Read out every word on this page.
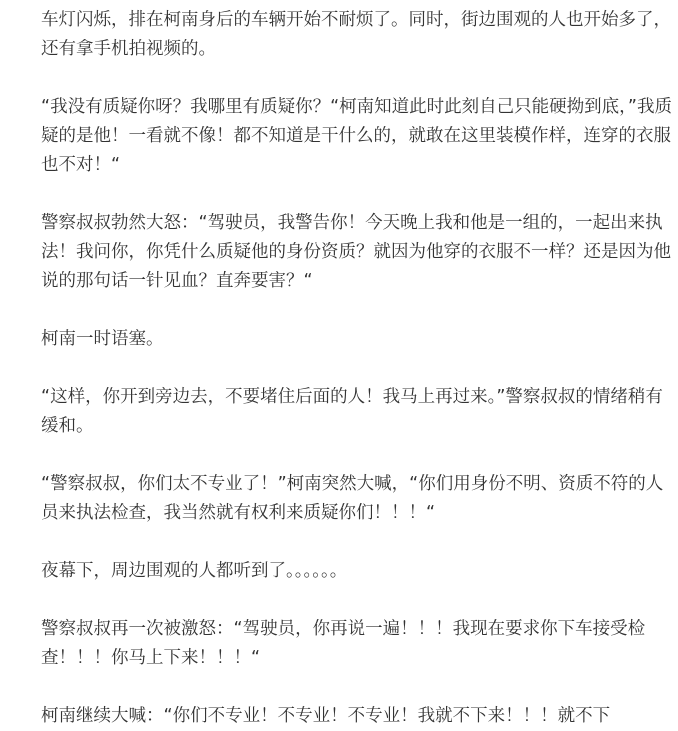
车灯闪烁，排在柯南身后的车辆开始不耐烦了。同时，街边围观的人也开始多了，还有拿手机拍视频的。

“我没有质疑你呀？我哪里有质疑你？“柯南知道此时此刻自己只能硬拗到底，”我质疑的是他！一看就不像！都不知道是干什么的，就敢在这里装模作样，连穿的衣服也不对！“

警察叔叔勃然大怒：“驾驶员，我警告你！今天晚上我和他是一组的，一起出来执法！我问你，你凭什么质疑他的身份资质？就因为他穿的衣服不一样？还是因为他说的那句话一针见血？直奔要害？“

柯南一时语塞。

“这样，你开到旁边去，不要堵住后面的人！我马上再过来。”警察叔叔的情绪稍有缓和。

“警察叔叔，你们太不专业了！”柯南突然大喊，“你们用身份不明、资质不符的人员来执法检查，我当然就有权利来质疑你们！！！“

夜幕下，周边围观的人都听到了。。。。。。

警察叔叔再一次被激怒：“驾驶员，你再说一遍！！！我现在要求你下车接受检查！！！你马上下来！！！“

柯南继续大喊：“你们不专业！不专业！不专业！我就不下来！！！就不下
